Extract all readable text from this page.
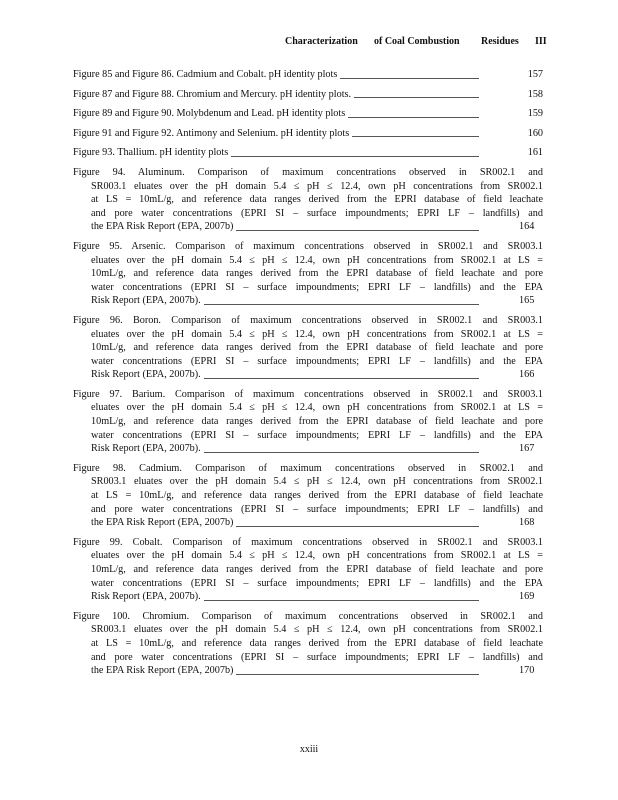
Characterization of Coal Combustion Residues III
Figure 85 and Figure 86. Cadmium and Cobalt. pH identity plots	157
Figure 87 and Figure 88. Chromium and Mercury. pH identity plots.	158
Figure 89 and Figure 90. Molybdenum and Lead. pH identity plots	159
Figure 91 and Figure 92. Antimony and Selenium. pH identity plots	160
Figure 93. Thallium. pH identity plots	161
Figure 94. Aluminum. Comparison of maximum concentrations observed in SR002.1 and
SR003.1 eluates over the pH domain 5.4 ≤ pH ≤ 12.4, own pH concentrations from SR002.1
at LS = 10mL/g, and reference data ranges derived from the EPRI database of field leachate
and pore water concentrations (EPRI SI – surface impoundments; EPRI LF – landfills) and
the EPA Risk Report (EPA, 2007b)	164
Figure 95. Arsenic. Comparison of maximum concentrations observed in SR002.1 and SR003.1
eluates over the pH domain 5.4 ≤ pH ≤ 12.4, own pH concentrations from SR002.1 at LS =
10mL/g, and reference data ranges derived from the EPRI database of field leachate and pore
water concentrations (EPRI SI – surface impoundments; EPRI LF – landfills) and the EPA
Risk Report (EPA, 2007b).	165
Figure 96. Boron. Comparison of maximum concentrations observed in SR002.1 and SR003.1
eluates over the pH domain 5.4 ≤ pH ≤ 12.4, own pH concentrations from SR002.1 at LS =
10mL/g, and reference data ranges derived from the EPRI database of field leachate and pore
water concentrations (EPRI SI – surface impoundments; EPRI LF – landfills) and the EPA
Risk Report (EPA, 2007b).	166
Figure 97. Barium. Comparison of maximum concentrations observed in SR002.1 and SR003.1
eluates over the pH domain 5.4 ≤ pH ≤ 12.4, own pH concentrations from SR002.1 at LS =
10mL/g, and reference data ranges derived from the EPRI database of field leachate and pore
water concentrations (EPRI SI – surface impoundments; EPRI LF – landfills) and the EPA
Risk Report (EPA, 2007b).	167
Figure 98. Cadmium. Comparison of maximum concentrations observed in SR002.1 and
SR003.1 eluates over the pH domain 5.4 ≤ pH ≤ 12.4, own pH concentrations from SR002.1
at LS = 10mL/g, and reference data ranges derived from the EPRI database of field leachate
and pore water concentrations (EPRI SI – surface impoundments; EPRI LF – landfills) and
the EPA Risk Report (EPA, 2007b)	168
Figure 99. Cobalt. Comparison of maximum concentrations observed in SR002.1 and SR003.1
eluates over the pH domain 5.4 ≤ pH ≤ 12.4, own pH concentrations from SR002.1 at LS =
10mL/g, and reference data ranges derived from the EPRI database of field leachate and pore
water concentrations (EPRI SI – surface impoundments; EPRI LF – landfills) and the EPA
Risk Report (EPA, 2007b).	169
Figure 100. Chromium. Comparison of maximum concentrations observed in SR002.1 and
SR003.1 eluates over the pH domain 5.4 ≤ pH ≤ 12.4, own pH concentrations from SR002.1
at LS = 10mL/g, and reference data ranges derived from the EPRI database of field leachate
and pore water concentrations (EPRI SI – surface impoundments; EPRI LF – landfills) and
the EPA Risk Report (EPA, 2007b)	170
xxiii
